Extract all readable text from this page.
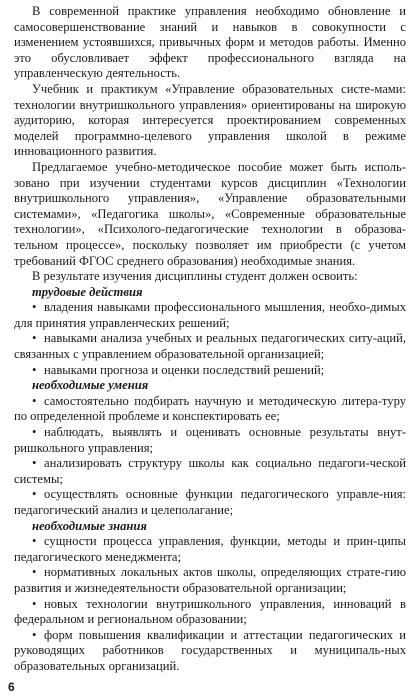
В современной практике управления необходимо обновление и самосовершенствование знаний и навыков в совокупности с изменением устоявшихся, привычных форм и методов работы. Именно это обусловливает эффект профессионального взгляда на управленческую деятельность.

Учебник и практикум «Управление образовательных систе-мами: технологии внутришкольного управления» ориентированы на широкую аудиторию, которая интересуется проектированием современных моделей программно-целевого управления школой в режиме инновационного развития.

Предлагаемое учебно-методическое пособие может быть исполь-зовано при изучении студентами курсов дисциплин «Технологии внутришкольного управления», «Управление образовательными системами», «Педагогика школы», «Современные образовательные технологии», «Психолого-педагогические технологии в образова-тельном процессе», поскольку позволяет им приобрести (с учетом требований ФГОС среднего образования) необходимые знания.

В результате изучения дисциплины студент должен освоить:

трудовые действия

• владения навыками профессионального мышления, необхо-димых для принятия управленческих решений;

• навыками анализа учебных и реальных педагогических ситу-аций, связанных с управлением образовательной организацией;

• навыками прогноза и оценки последствий решений;

необходимые умения

• самостоятельно подбирать научную и методическую литера-туру по определенной проблеме и конспектировать ее;

• наблюдать, выявлять и оценивать основные результаты внут-ришкольного управления;

• анализировать структуру школы как социально педагоги-ческой системы;

• осуществлять основные функции педагогического управле-ния: педагогический анализ и целеполагание;

необходимые знания

• сущности процесса управления, функции, методы и прин-ципы педагогического менеджмента;

• нормативных локальных актов школы, определяющих страте-гию развития и жизнедеятельности образовательной организации;

• новых технологии внутришкольного управления, инноваций в федеральном и региональном образовании;

• форм повышения квалификации и аттестации педагогических и руководящих работников государственных и муниципаль-ных образовательных организаций.

6
